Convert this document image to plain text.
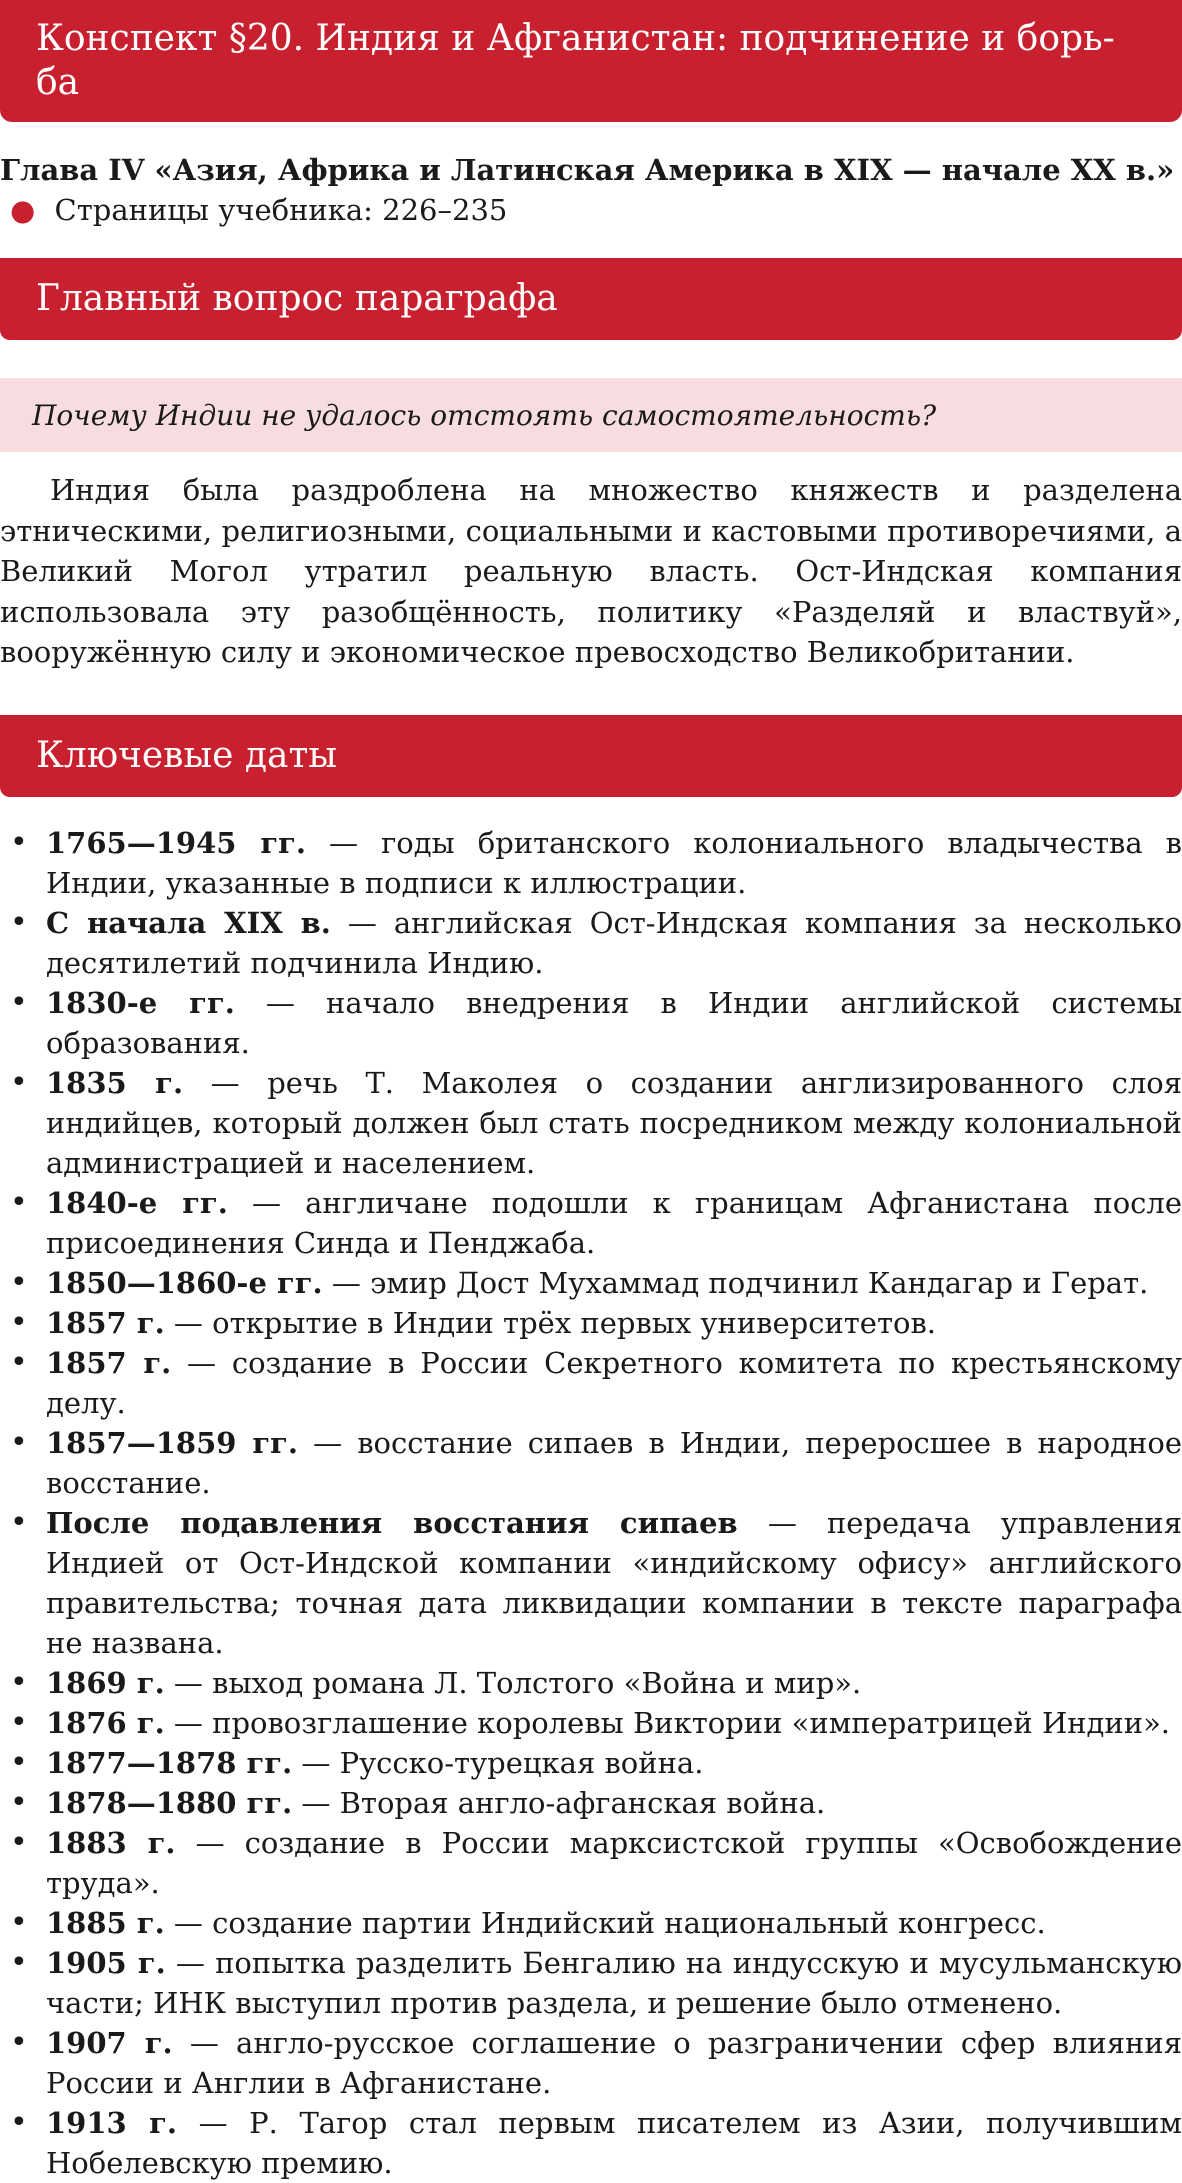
Конспект §20. Индия и Афганистан: подчинение и борь-ба
Глава IV «Азия, Африка и Латинская Америка в XIX — начале XX в.» ● Страницы учебника: 226–235
Главный вопрос параграфа
Почему Индии не удалось отстоять самостоятельность?

Индия была раздроблена на множество княжеств и разделена этническими, религиозными, социальными и кастовыми противоречиями, а Великий Могол утратил реальную власть. Ост-Индская компания использовала эту разобщённость, политику «Разделяй и властвуй», вооружённую силу и экономическое превосходство Великобритании.

Ключевые даты
• 1765—1945 гг. — годы британского колониального владычества в Индии, указанные в подписи к иллюстрации.
• С начала XIX в. — английская Ост-Индская компания за несколько десятилетий подчинила Индию.
• 1830-е гг. — начало внедрения в Индии английской системы образования.
• 1835 г. — речь Т. Маколея о создании англизированного слоя индийцев, который должен был стать посредником между колониальной администрацией и населением.
• 1840-е гг. — англичане подошли к границам Афганистана после присоединения Синда и Пенджаба.
• 1850—1860-е гг. — эмир Дост Мухаммад подчинил Кандагар и Герат.
• 1857 г. — открытие в Индии трёх первых университетов.
• 1857 г. — создание в России Секретного комитета по крестьянскому делу.
• 1857—1859 гг. — восстание сипаев в Индии, переросшее в народное восстание.
• После подавления восстания сипаев — передача управления Индией от Ост-Индской компании «индийскому офису» английского правительства; точная дата ликвидации компании в тексте параграфа не названа.
• 1869 г. — выход романа Л. Толстого «Война и мир».
• 1876 г. — провозглашение королевы Виктории «императрицей Индии».
• 1877—1878 гг. — Русско-турецкая война.
• 1878—1880 гг. — Вторая англо-афганская война.
• 1883 г. — создание в России марксистской группы «Освобождение труда».
• 1885 г. — создание партии Индийский национальный конгресс.
• 1905 г. — попытка разделить Бенгалию на индусскую и мусульманскую части; ИНК выступил против раздела, и решение было отменено.
• 1907 г. — англо-русское соглашение о разграничении сфер влияния России и Англии в Афганистане.
• 1913 г. — Р. Тагор стал первым писателем из Азии, получившим Нобелевскую премию.
